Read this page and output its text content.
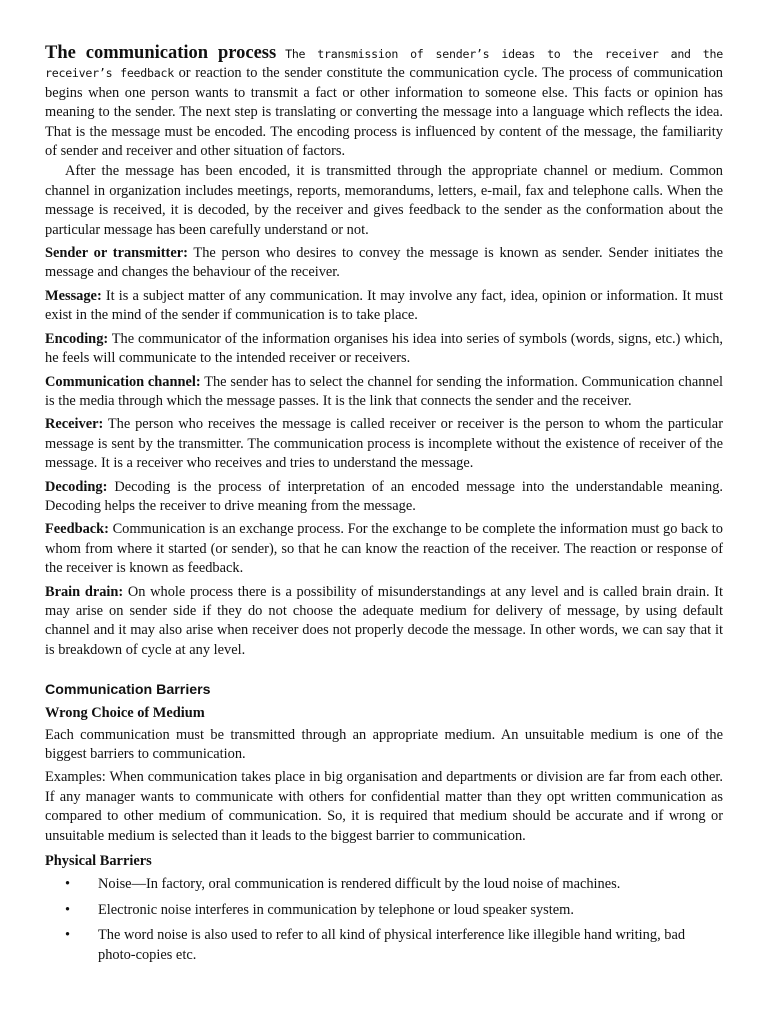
The communication process The transmission of sender’s ideas to the receiver and the receiver’s feedback or reaction to the sender constitute the communication cycle. The process of communication begins when one person wants to transmit a fact or other information to someone else. This facts or opinion has meaning to the sender. The next step is translating or converting the message into a language which reflects the idea. That is the message must be encoded. The encoding process is influenced by content of the message, the familiarity of sender and receiver and other situation of factors.

After the message has been encoded, it is transmitted through the appropriate channel or medium. Common channel in organization includes meetings, reports, memorandums, letters, e-mail, fax and telephone calls. When the message is received, it is decoded, by the receiver and gives feedback to the sender as the conformation about the particular message has been carefully understand or not.

Sender or transmitter: The person who desires to convey the message is known as sender. Sender initiates the message and changes the behaviour of the receiver.

Message: It is a subject matter of any communication. It may involve any fact, idea, opinion or information. It must exist in the mind of the sender if communication is to take place.

Encoding: The communicator of the information organises his idea into series of symbols (words, signs, etc.) which, he feels will communicate to the intended receiver or receivers.

Communication channel: The sender has to select the channel for sending the information. Communication channel is the media through which the message passes. It is the link that connects the sender and the receiver.

Receiver: The person who receives the message is called receiver or receiver is the person to whom the particular message is sent by the transmitter. The communication process is incomplete without the existence of receiver of the message. It is a receiver who receives and tries to understand the message.

Decoding: Decoding is the process of interpretation of an encoded message into the understandable meaning. Decoding helps the receiver to drive meaning from the message.

Feedback: Communication is an exchange process. For the exchange to be complete the information must go back to whom from where it started (or sender), so that he can know the reaction of the receiver. The reaction or response of the receiver is known as feedback.

Brain drain: On whole process there is a possibility of misunderstandings at any level and is called brain drain. It may arise on sender side if they do not choose the adequate medium for delivery of message, by using default channel and it may also arise when receiver does not properly decode the message. In other words, we can say that it is breakdown of cycle at any level.

Communication Barriers
Wrong Choice of Medium

Each communication must be transmitted through an appropriate medium. An unsuitable medium is one of the biggest barriers to communication.

Examples: When communication takes place in big organisation and departments or division are far from each other. If any manager wants to communicate with others for confidential matter than they opt written communication as compared to other medium of communication. So, it is required that medium should be accurate and if wrong or unsuitable medium is selected than it leads to the biggest barrier to communication.

Physical Barriers
• Noise—In factory, oral communication is rendered difficult by the loud noise of machines.
• Electronic noise interferes in communication by telephone or loud speaker system.
• The word noise is also used to refer to all kind of physical interference like illegible hand writing, bad photo-copies etc.
